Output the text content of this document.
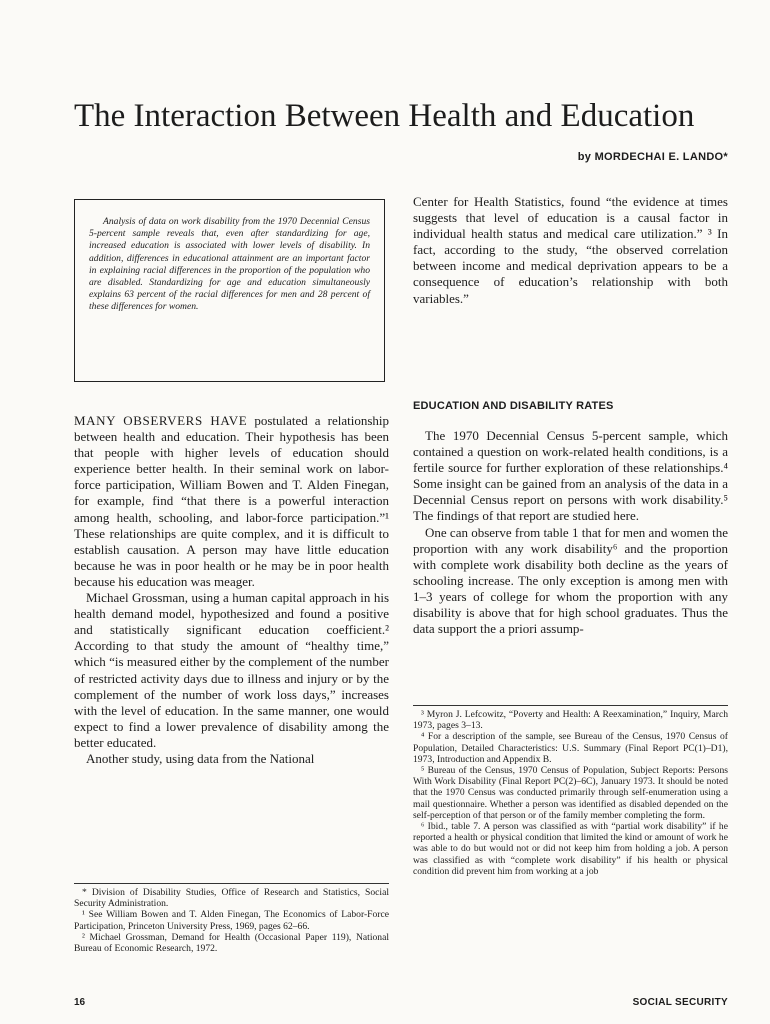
The Interaction Between Health and Education
by MORDECHAI E. LANDO*

Analysis of data on work disability from the 1970 Decennial Census 5-percent sample reveals that, even after standardizing for age, increased education is associated with lower levels of disability. In addition, differences in educational attainment are an important factor in explaining racial differences in the proportion of the population who are disabled. Standardizing for age and education simultaneously explains 63 percent of the racial differences for men and 28 percent of these differences for women.

MANY OBSERVERS HAVE postulated a relationship between health and education. Their hypothesis has been that people with higher levels of education should experience better health. In their seminal work on labor-force participation, William Bowen and T. Alden Finegan, for example, find “that there is a powerful interaction among health, schooling, and labor-force participation.”¹ These relationships are quite complex, and it is difficult to establish causation. A person may have little education because he was in poor health or he may be in poor health because his education was meager.

Michael Grossman, using a human capital approach in his health demand model, hypothesized and found a positive and statistically significant education coefficient.² According to that study the amount of “healthy time,” which “is measured either by the complement of the number of restricted activity days due to illness and injury or by the complement of the number of work loss days,” increases with the level of education. In the same manner, one would expect to find a lower prevalence of disability among the better educated.

Another study, using data from the National

Center for Health Statistics, found “the evidence at times suggests that level of education is a causal factor in individual health status and medical care utilization.” ³ In fact, according to the study, “the observed correlation between income and medical deprivation appears to be a consequence of education’s relationship with both variables.”

EDUCATION AND DISABILITY RATES

The 1970 Decennial Census 5-percent sample, which contained a question on work-related health conditions, is a fertile source for further exploration of these relationships.⁴ Some insight can be gained from an analysis of the data in a Decennial Census report on persons with work disability.⁵ The findings of that report are studied here.

One can observe from table 1 that for men and women the proportion with any work disability⁶ and the proportion with complete work disability both decline as the years of schooling increase. The only exception is among men with 1–3 years of college for whom the proportion with any disability is above that for high school graduates. Thus the data support the a priori assump-

* Division of Disability Studies, Office of Research and Statistics, Social Security Administration.

¹ See William Bowen and T. Alden Finegan, The Economics of Labor-Force Participation, Princeton University Press, 1969, pages 62–66.

² Michael Grossman, Demand for Health (Occasional Paper 119), National Bureau of Economic Research, 1972.

³ Myron J. Lefcowitz, “Poverty and Health: A Reexamination,” Inquiry, March 1973, pages 3–13.

⁴ For a description of the sample, see Bureau of the Census, 1970 Census of Population, Detailed Characteristics: U.S. Summary (Final Report PC(1)–D1), 1973, Introduction and Appendix B.

⁵ Bureau of the Census, 1970 Census of Population, Subject Reports: Persons With Work Disability (Final Report PC(2)–6C), January 1973. It should be noted that the 1970 Census was conducted primarily through self-enumeration using a mail questionnaire. Whether a person was identified as disabled depended on the self-perception of that person or of the family member completing the form.

⁶ Ibid., table 7. A person was classified as with “partial work disability” if he reported a health or physical condition that limited the kind or amount of work he was able to do but would not or did not keep him from holding a job. A person was classified as with “complete work disability” if his health or physical condition did prevent him from working at a job

16	SOCIAL SECURITY
